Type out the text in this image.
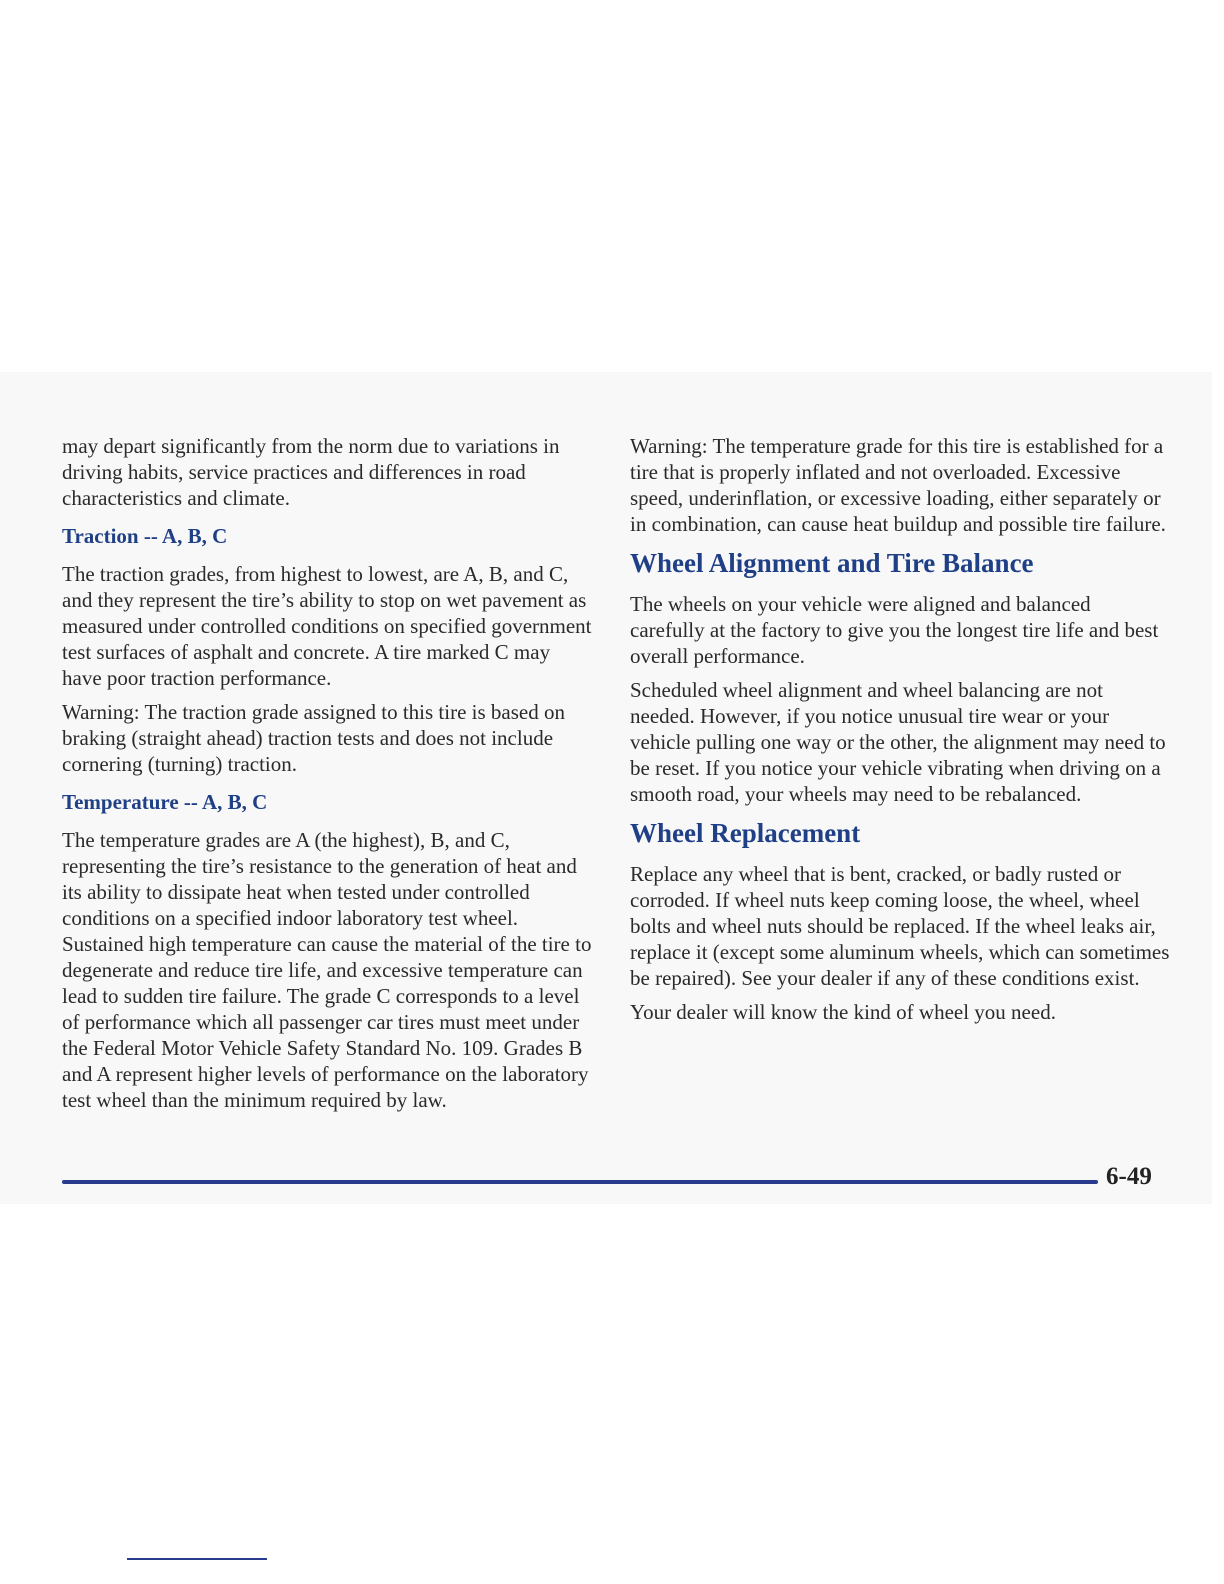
may depart significantly from the norm due to variations in driving habits, service practices and differences in road characteristics and climate.

Traction -- A, B, C

The traction grades, from highest to lowest, are A, B, and C, and they represent the tire’s ability to stop on wet pavement as measured under controlled conditions on specified government test surfaces of asphalt and concrete. A tire marked C may have poor traction performance.

Warning: The traction grade assigned to this tire is based on braking (straight ahead) traction tests and does not include cornering (turning) traction.

Temperature -- A, B, C

The temperature grades are A (the highest), B, and C, representing the tire’s resistance to the generation of heat and its ability to dissipate heat when tested under controlled conditions on a specified indoor laboratory test wheel. Sustained high temperature can cause the material of the tire to degenerate and reduce tire life, and excessive temperature can lead to sudden tire failure. The grade C corresponds to a level of performance which all passenger car tires must meet under the Federal Motor Vehicle Safety Standard No. 109. Grades B and A represent higher levels of performance on the laboratory test wheel than the minimum required by law.

Warning: The temperature grade for this tire is established for a tire that is properly inflated and not overloaded. Excessive speed, underinflation, or excessive loading, either separately or in combination, can cause heat buildup and possible tire failure.

Wheel Alignment and Tire Balance

The wheels on your vehicle were aligned and balanced carefully at the factory to give you the longest tire life and best overall performance.

Scheduled wheel alignment and wheel balancing are not needed. However, if you notice unusual tire wear or your vehicle pulling one way or the other, the alignment may need to be reset. If you notice your vehicle vibrating when driving on a smooth road, your wheels may need to be rebalanced.

Wheel Replacement

Replace any wheel that is bent, cracked, or badly rusted or corroded. If wheel nuts keep coming loose, the wheel, wheel bolts and wheel nuts should be replaced. If the wheel leaks air, replace it (except some aluminum wheels, which can sometimes be repaired). See your dealer if any of these conditions exist.

Your dealer will know the kind of wheel you need.

6-49
